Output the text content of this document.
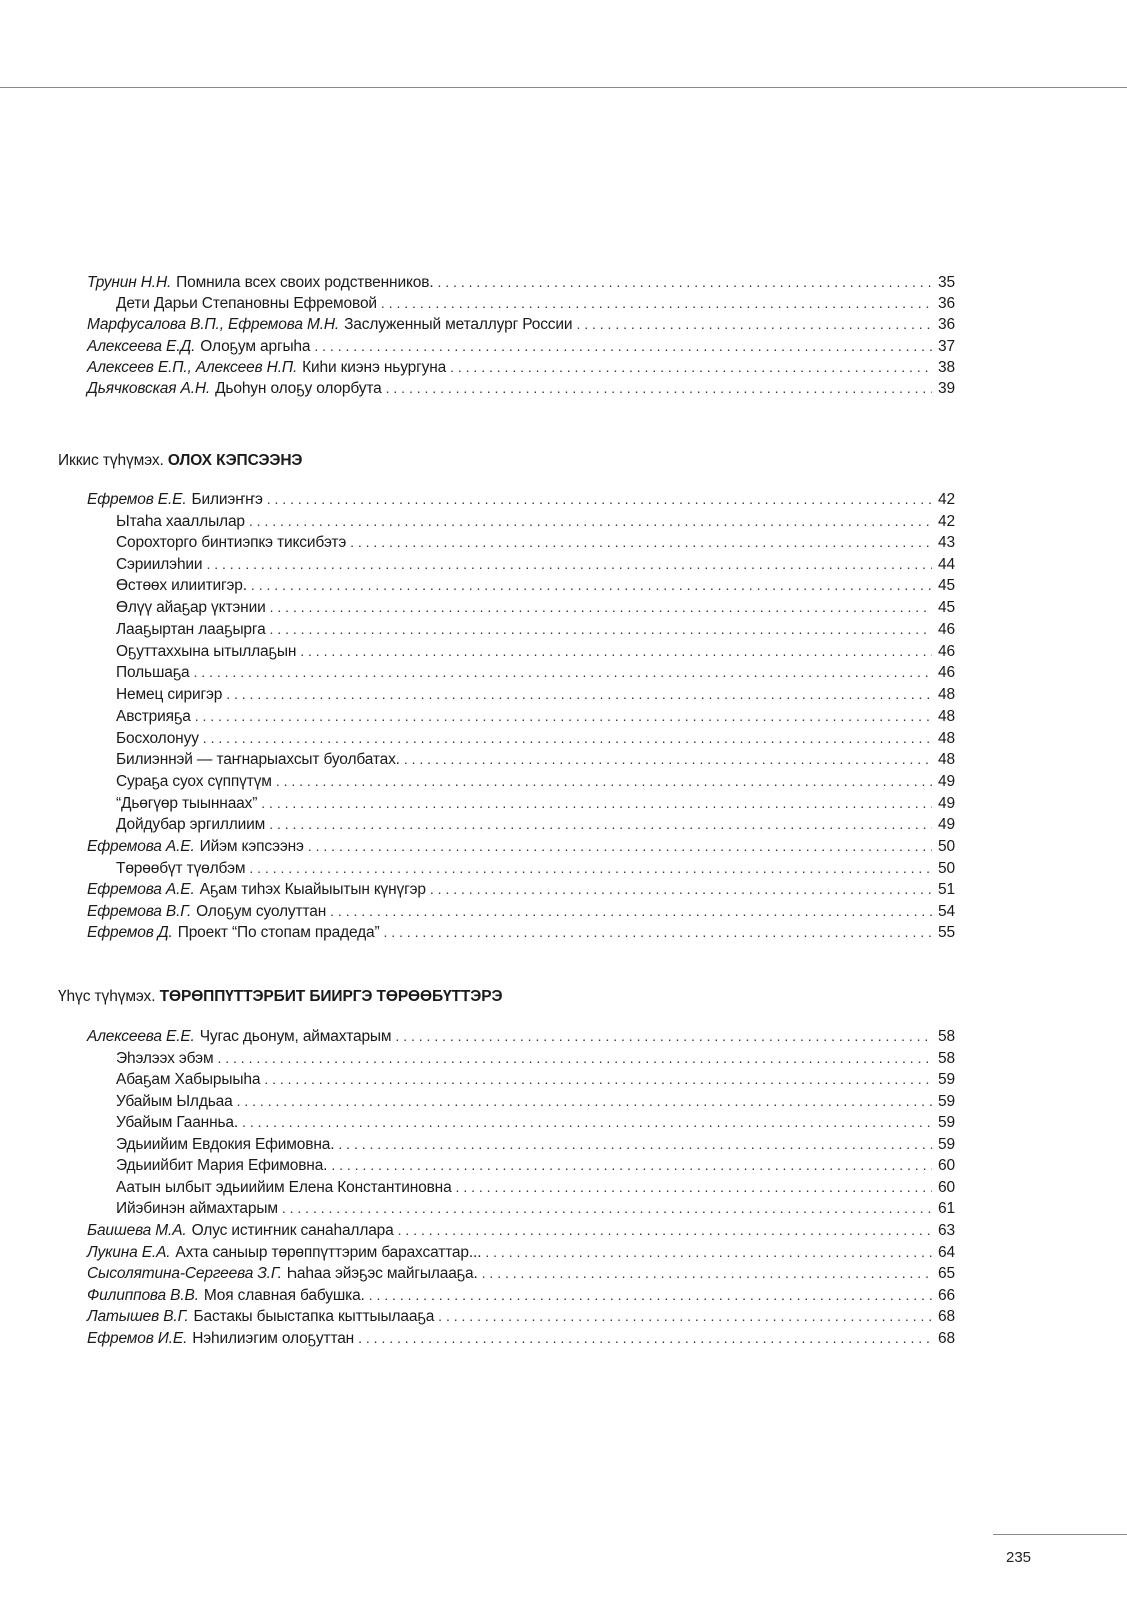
Трунин Н.Н. Помнила всех своих родственников. . . .	35
Дети Дарьи Степановны Ефремовой . . .	36
Марфусалова В.П., Ефремова М.Н. Заслуженный металлург России . . .	36
Алексеева Е.Д. Олоҕум аргыһа . . .	37
Алексеев Е.П., Алексеев Н.П. Киһи киэнэ ньургуна . . .	38
Дьячковская А.Н. Дьоһун олоҕу олорбута . . .	39
Иккис түһүмэх. ОЛОХ КЭПСЭЭНЭ
Ефремов Е.Е. Билиэҥҥэ . . .	42
Ытаһа хааллылар . . .	42
Сорохторго бинтиэпкэ тиксибэтэ . . .	43
Сэриилэһии . . .	44
Өстөөх илиитигэр. . . .	45
Өлүү айаҕар үктэнии . . .	45
Лааҕыртан лааҕырга . . .	46
Оҕуттаххына ытыллаҕын . . .	46
Польшаҕа . . .	46
Немец сиригэр . . .	48
Австрияҕа . . .	48
Босхолонуу . . .	48
Билиэннэй — таҥнарыахсыт буолбатах. . . .	48
Сураҕа суох сүппүтүм . . .	49
“Дьөгүөр тыыннаах” . . .	49
Дойдубар эргиллиим . . .	49
Ефремова А.Е. Ийэм кэпсээнэ . . .	50
Төрөөбүт түөлбэм . . .	50
Ефремова А.Е. Аҕам тиһэх Кыайыытын күнүгэр . . .	51
Ефремова В.Г. Олоҕум суолуттан . . .	54
Ефремов Д. Проект “По стопам прадеда” . . .	55
Үһүс түһүмэх. ТӨРӨППҮТТЭРБИТ БИИРГЭ ТӨРӨӨБҮТТЭРЭ
Алексеева Е.Е. Чугас дьонум, аймахтарым . . .	58
Эһэлээх эбэм . . .	58
Абаҕам Хабырыыһа . . .	59
Убайым Ылдьаа . . .	59
Убайым Гаанньа. . . .	59
Эдьиийим Евдокия Ефимовна. . . .	59
Эдьиийбит Мария Ефимовна. . . .	60
Аатын ылбыт эдьиийим Елена Константиновна . . .	60
Ийэбинэн аймахтарым . . .	61
Баишева М.А. Олус истиҥник санаһаллара . . .	63
Лукина Е.А. Ахта саныыр төрөппүттэрим барахсаттар... . . .	64
Сысолятина-Сергеева З.Г. Һаһаа эйэҕэс майгылааҕа. . . .	65
Филиппова В.В. Моя славная бабушка. . . .	66
Латышев В.Г. Бастакы быыстапка кыттыылааҕа . . .	68
Ефремов И.Е. Нэһилиэгим олоҕуттан . . .	68
235
